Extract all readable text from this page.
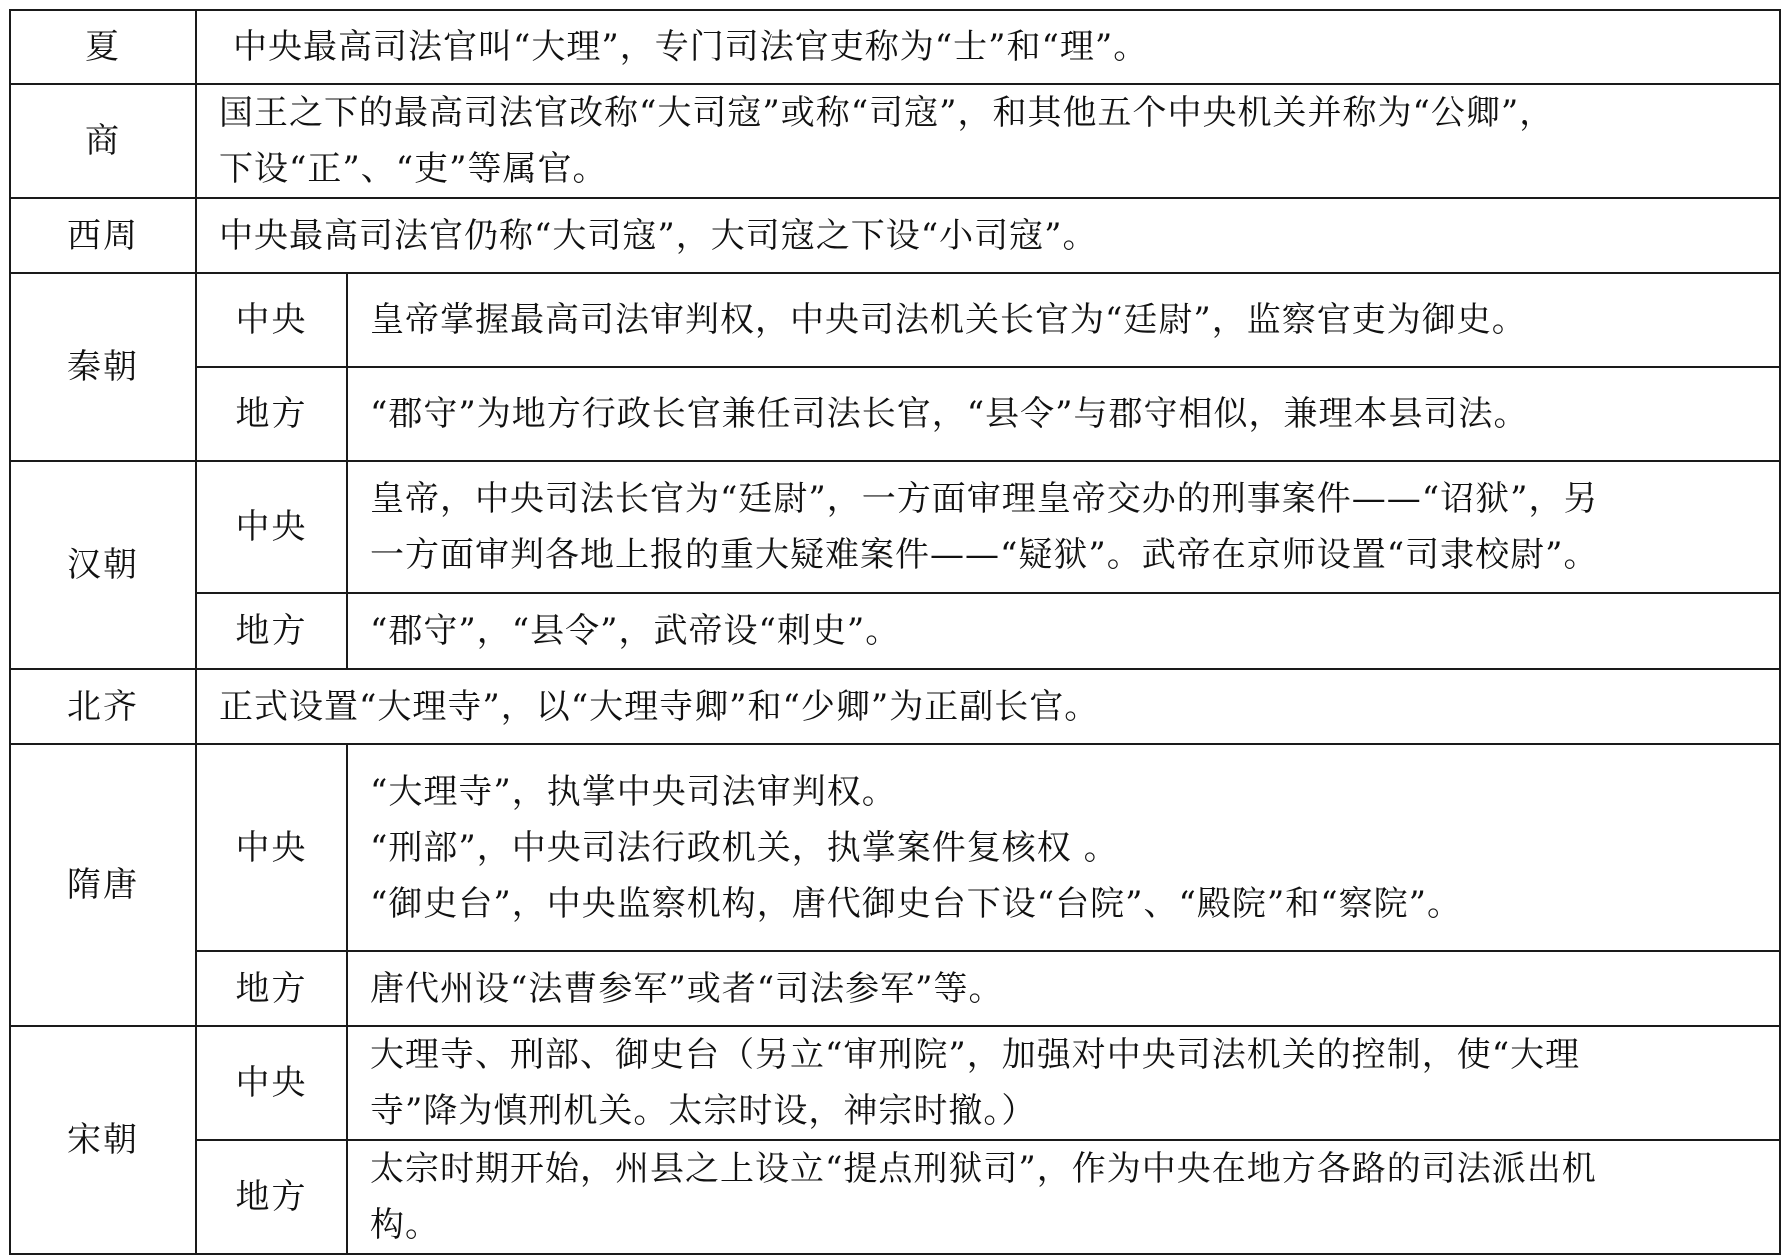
夏	中央最高司法官叫“大理”，专门司法官吏称为“士”和“理”。	

商	国王之下的最高司法官改称“大司寇”或称“司寇”，和其他五个中央机关并称为“公卿”，
下设“正”、“吏”等属官。	

西周	中央最高司法官仍称“大司寇”，大司寇之下设“小司寇”。	

秦朝	中央	皇帝掌握最高司法审判权，中央司法机关长官为“廷尉”，监察官吏为御史。

	地方	“郡守”为地方行政长官兼任司法长官，“县令”与郡守相似，兼理本县司法。

汉朝	中央	皇帝，中央司法长官为“廷尉”，一方面审理皇帝交办的刑事案件——“诏狱”，另
一方面审判各地上报的重大疑难案件——“疑狱”。武帝在京师设置“司隶校尉”。

	地方	“郡守”，“县令”，武帝设“刺史”。

北齐	正式设置“大理寺”，以“大理寺卿”和“少卿”为正副长官。	

隋唐	中央	“大理寺”，执掌中央司法审判权。
“刑部”，中央司法行政机关，执掌案件复核权 。
“御史台”，中央监察机构，唐代御史台下设“台院”、“殿院”和“察院”。

	地方	唐代州设“法曹参军”或者“司法参军”等。

宋朝	中央	大理寺、刑部、御史台（另立“审刑院”，加强对中央司法机关的控制，使“大理
寺”降为慎刑机关。太宗时设，神宗时撤。）

	地方	太宗时期开始，州县之上设立“提点刑狱司”，作为中央在地方各路的司法派出机
构。
